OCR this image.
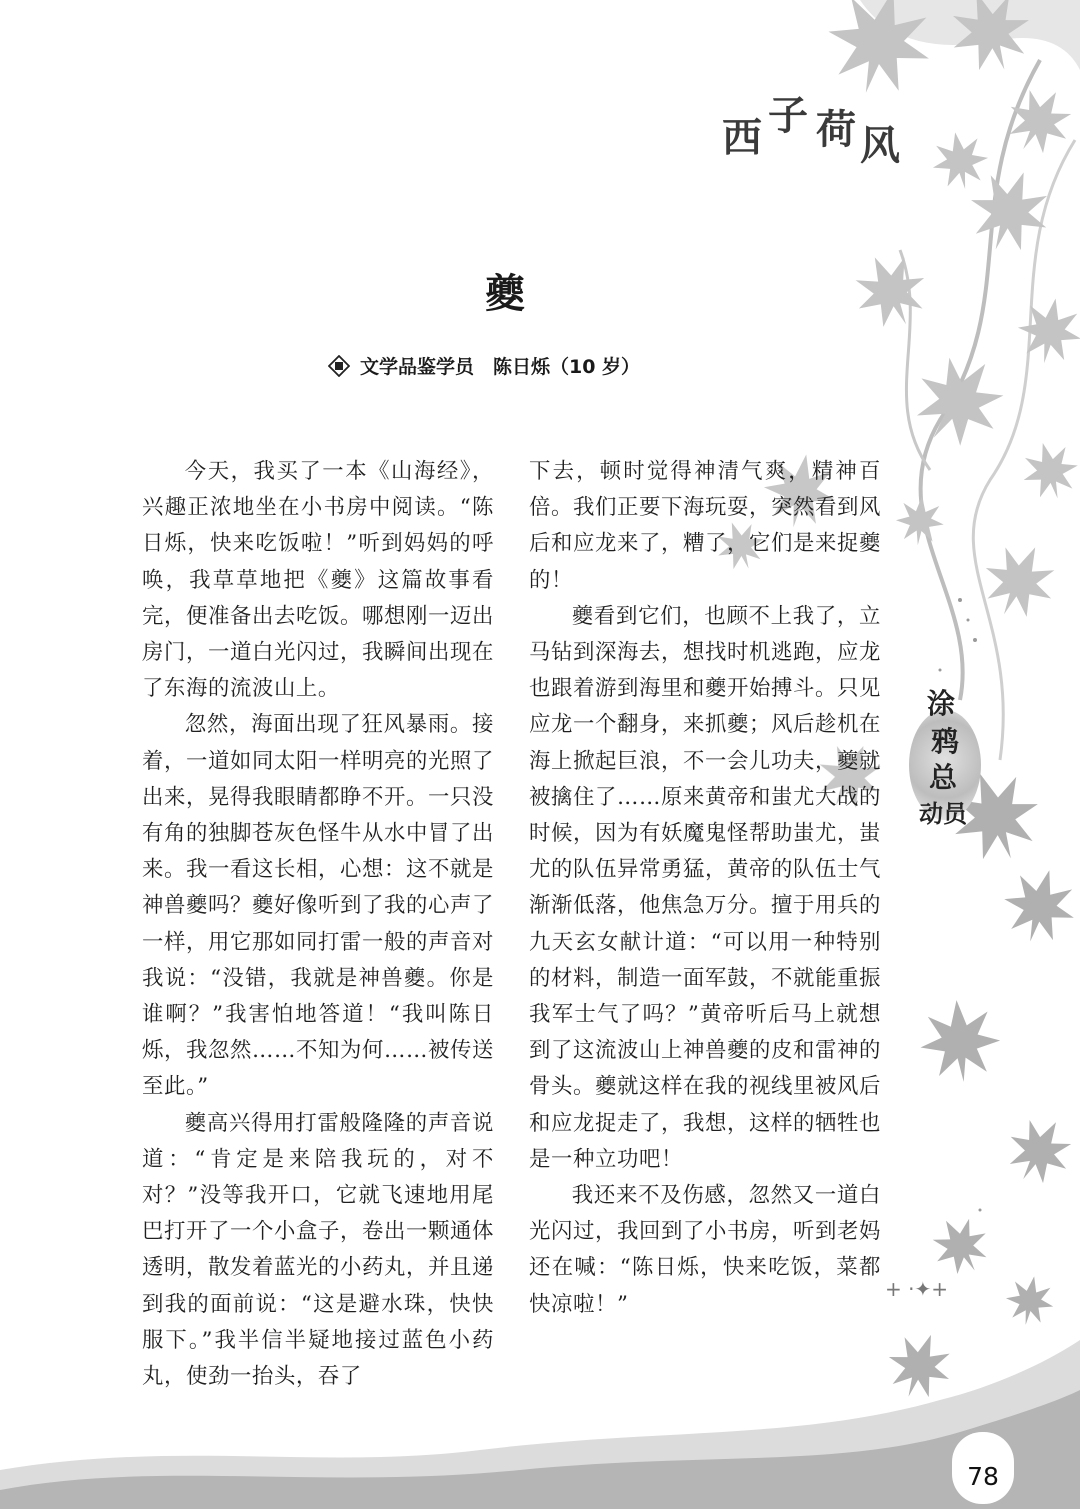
+ ·✦+
西 子 荷 风
夔
文学品鉴学员　陈日烁（10 岁）

今天，我买了一本《山海经》，兴趣正浓地坐在小书房中阅读。“陈日烁，快来吃饭啦！”听到妈妈的呼唤，我草草地把《夔》这篇故事看完，便准备出去吃饭。哪想刚一迈出房门，一道白光闪过，我瞬间出现在了东海的流波山上。

忽然，海面出现了狂风暴雨。接着，一道如同太阳一样明亮的光照了出来，晃得我眼睛都睁不开。一只没有角的独脚苍灰色怪牛从水中冒了出来。我一看这长相，心想：这不就是神兽夔吗？夔好像听到了我的心声了一样，用它那如同打雷一般的声音对我说：“没错，我就是神兽夔。你是谁啊？”我害怕地答道！“我叫陈日烁，我忽然……不知为何……被传送至此。”

夔高兴得用打雷般隆隆的声音说道：“肯定是来陪我玩的，对不对？”没等我开口，它就飞速地用尾巴打开了一个小盒子，卷出一颗通体透明，散发着蓝光的小药丸，并且递到我的面前说：“这是避水珠，快快服下。”我半信半疑地接过蓝色小药丸，使劲一抬头，吞了

下去，顿时觉得神清气爽，精神百倍。我们正要下海玩耍，突然看到风后和应龙来了，糟了，它们是来捉夔的！

夔看到它们，也顾不上我了，立马钻到深海去，想找时机逃跑，应龙也跟着游到海里和夔开始搏斗。只见应龙一个翻身，来抓夔；风后趁机在海上掀起巨浪，不一会儿功夫，夔就被擒住了……原来黄帝和蚩尤大战的时候，因为有妖魔鬼怪帮助蚩尤，蚩尤的队伍异常勇猛，黄帝的队伍士气渐渐低落，他焦急万分。擅于用兵的九天玄女献计道：“可以用一种特别的材料，制造一面军鼓，不就能重振我军士气了吗？”黄帝听后马上就想到了这流波山上神兽夔的皮和雷神的骨头。夔就这样在我的视线里被风后和应龙捉走了，我想，这样的牺牲也是一种立功吧！

我还来不及伤感，忽然又一道白光闪过，我回到了小书房，听到老妈还在喊：“陈日烁，快来吃饭，菜都快凉啦！”

涂
鸦
总
动员
78
